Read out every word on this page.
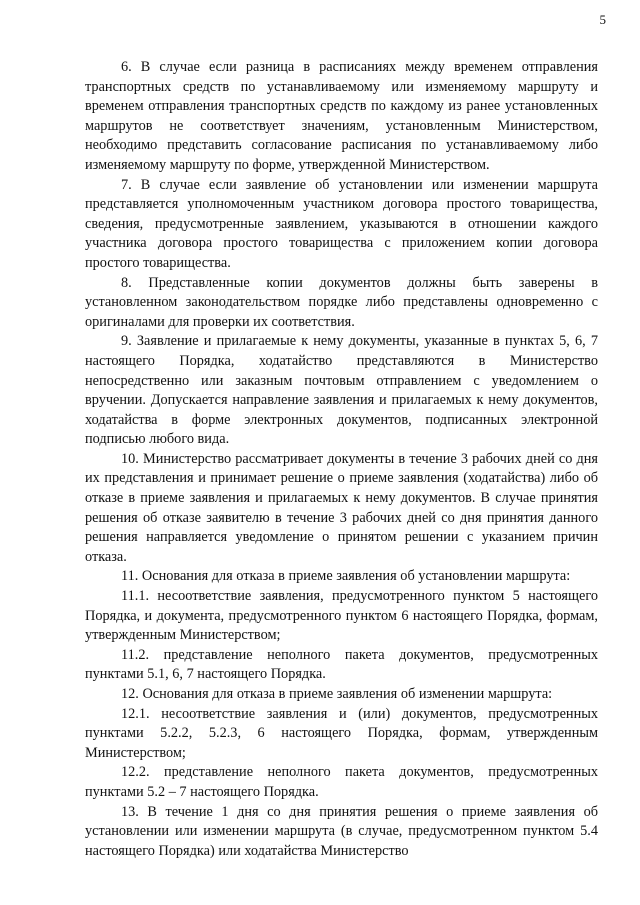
5

6. В случае если разница в расписаниях между временем отправления транспортных средств по устанавливаемому или изменяемому маршруту и временем отправления транспортных средств по каждому из ранее установленных маршрутов не соответствует значениям, установленным Министерством, необходимо представить согласование расписания по устанавливаемому либо изменяемому маршруту по форме, утвержденной Министерством.

7. В случае если заявление об установлении или изменении маршрута представляется уполномоченным участником договора простого товарищества, сведения, предусмотренные заявлением, указываются в отношении каждого участника договора простого товарищества с приложением копии договора простого товарищества.

8. Представленные копии документов должны быть заверены в установленном законодательством порядке либо представлены одновременно с оригиналами для проверки их соответствия.

9. Заявление и прилагаемые к нему документы, указанные в пунктах 5, 6, 7 настоящего Порядка, ходатайство представляются в Министерство непосредственно или заказным почтовым отправлением с уведомлением о вручении. Допускается направление заявления и прилагаемых к нему документов, ходатайства в форме электронных документов, подписанных электронной подписью любого вида.

10. Министерство рассматривает документы в течение 3 рабочих дней со дня их представления и принимает решение о приеме заявления (ходатайства) либо об отказе в приеме заявления и прилагаемых к нему документов. В случае принятия решения об отказе заявителю в течение 3 рабочих дней со дня принятия данного решения направляется уведомление о принятом решении с указанием причин отказа.

11. Основания для отказа в приеме заявления об установлении маршрута:

11.1. несоответствие заявления, предусмотренного пунктом 5 настоящего Порядка, и документа, предусмотренного пунктом 6 настоящего Порядка, формам, утвержденным Министерством;

11.2. представление неполного пакета документов, предусмотренных пунктами 5.1, 6, 7 настоящего Порядка.

12. Основания для отказа в приеме заявления об изменении маршрута:

12.1. несоответствие заявления и (или) документов, предусмотренных пунктами 5.2.2, 5.2.3, 6 настоящего Порядка, формам, утвержденным Министерством;

12.2. представление неполного пакета документов, предусмотренных пунктами 5.2 – 7 настоящего Порядка.

13. В течение 1 дня со дня принятия решения о приеме заявления об установлении или изменении маршрута (в случае, предусмотренном пунктом 5.4 настоящего Порядка) или ходатайства Министерство
